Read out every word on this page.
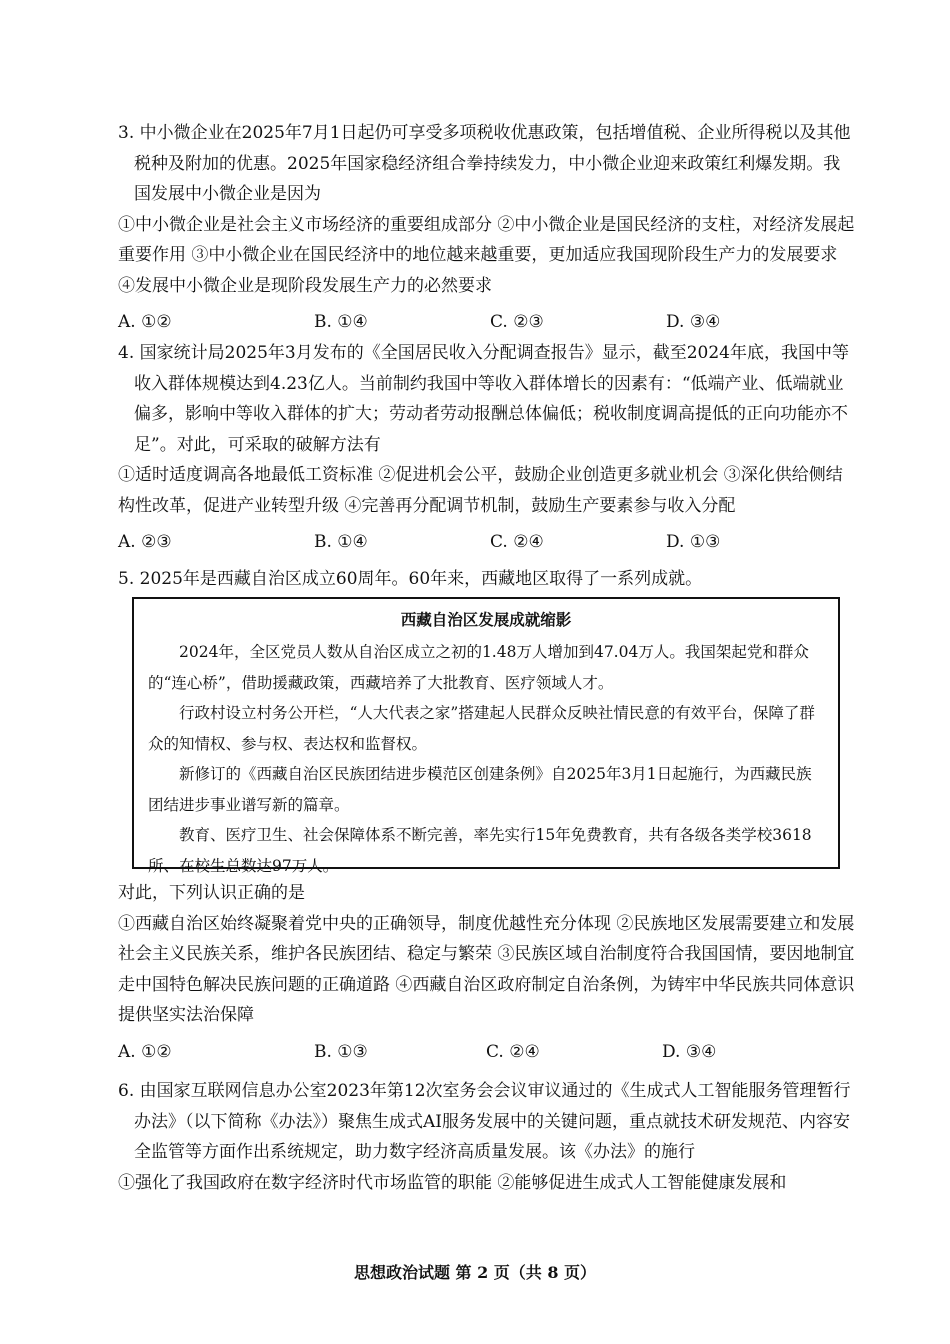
3. 中小微企业在2025年7月1日起仍可享受多项税收优惠政策，包括增值税、企业所得税以及其他税种及附加的优惠。2025年国家稳经济组合拳持续发力，中小微企业迎来政策红利爆发期。我国发展中小微企业是因为

①中小微企业是社会主义市场经济的重要组成部分 ②中小微企业是国民经济的支柱，对经济发展起重要作用 ③中小微企业在国民经济中的地位越来越重要，更加适应我国现阶段生产力的发展要求 ④发展中小微企业是现阶段发展生产力的必然要求

A. ①②	B. ①④	C. ②③	D. ③④

4. 国家统计局2025年3月发布的《全国居民收入分配调查报告》显示，截至2024年底，我国中等收入群体规模达到4.23亿人。当前制约我国中等收入群体增长的因素有：“低端产业、低端就业偏多，影响中等收入群体的扩大；劳动者劳动报酬总体偏低；税收制度调高提低的正向功能亦不足”。对此，可采取的破解方法有

①适时适度调高各地最低工资标准 ②促进机会公平，鼓励企业创造更多就业机会 ③深化供给侧结构性改革，促进产业转型升级 ④完善再分配调节机制，鼓励生产要素参与收入分配

A. ②③	B. ①④	C. ②④	D. ①③

5. 2025年是西藏自治区成立60周年。60年来，西藏地区取得了一系列成就。

西藏自治区发展成就缩影

2024年，全区党员人数从自治区成立之初的1.48万人增加到47.04万人。我国架起党和群众的“连心桥”，借助援藏政策，西藏培养了大批教育、医疗领域人才。

行政村设立村务公开栏，“人大代表之家”搭建起人民群众反映社情民意的有效平台，保障了群众的知情权、参与权、表达权和监督权。

新修订的《西藏自治区民族团结进步模范区创建条例》自2025年3月1日起施行，为西藏民族团结进步事业谱写新的篇章。

教育、医疗卫生、社会保障体系不断完善，率先实行15年免费教育，共有各级各类学校3618所、在校生总数达97万人。

对此，下列认识正确的是

①西藏自治区始终凝聚着党中央的正确领导，制度优越性充分体现 ②民族地区发展需要建立和发展社会主义民族关系，维护各民族团结、稳定与繁荣 ③民族区域自治制度符合我国国情，要因地制宜走中国特色解决民族问题的正确道路 ④西藏自治区政府制定自治条例，为铸牢中华民族共同体意识提供坚实法治保障

A. ①②	B. ①③	C. ②④	D. ③④

6. 由国家互联网信息办公室2023年第12次室务会会议审议通过的《生成式人工智能服务管理暂行办法》（以下简称《办法》）聚焦生成式AI服务发展中的关键问题，重点就技术研发规范、内容安全监管等方面作出系统规定，助力数字经济高质量发展。该《办法》的施行

①强化了我国政府在数字经济时代市场监管的职能 ②能够促进生成式人工智能健康发展和

思想政治试题 第 2 页（共 8 页）
